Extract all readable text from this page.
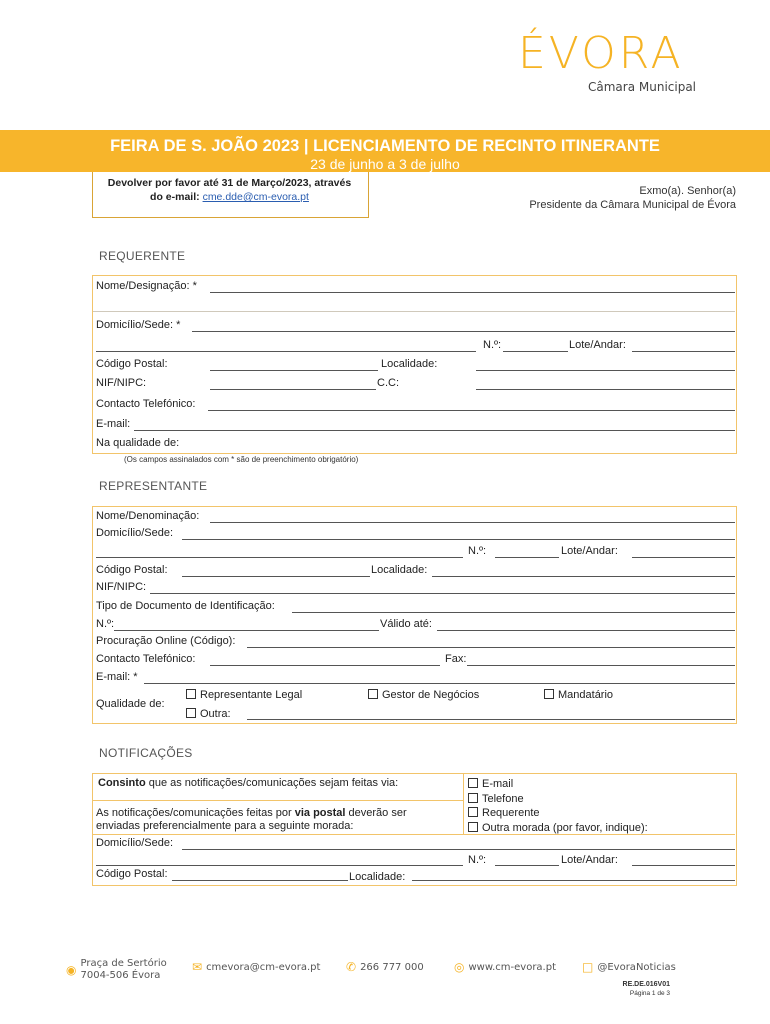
ÉVORA
Câmara Municipal
FEIRA DE S. JOÃO 2023 | LICENCIAMENTO DE RECINTO ITINERANTE
23 de junho a 3 de julho
Devolver por favor até 31 de Março/2023, através
do e-mail: cme.dde@cm-evora.pt	Exmo(a). Senhor(a)
Presidente da Câmara Municipal de Évora
REQUERENTE
Nome/Designação: *
Domicílio/Sede: *
N.º:	Lote/Andar:
Código Postal:	Localidade:
NIF/NIPC:	C.C:
Contacto Telefónico:
E-mail:
Na qualidade de:
(Os campos assinalados com * são de preenchimento obrigatório)
REPRESENTANTE
Nome/Denominação:
Domicílio/Sede:
N.º:	Lote/Andar:
Código Postal:	Localidade:
NIF/NIPC:
Tipo de Documento de Identificação:
N.º:	Válido até:
Procuração Online (Código):
Contacto Telefónico:	Fax:
E-mail: *
Qualidade de:
Representante Legal	Gestor de Negócios	Mandatário
Outra:
NOTIFICAÇÕES
Consinto que as notificações/comunicações sejam feitas via:
As notificações/comunicações feitas por via postal deverão ser
enviadas preferencialmente para a seguinte morada:
E-mail
Telefone
Requerente
Outra morada (por favor, indique):
Domicílio/Sede:
N.º:	Lote/Andar:
Código Postal:	Localidade:
◉ Praça de Sertório
7004-506 Évora
✉ cmevora@cm-evora.pt ✆ 266 777 000	◎ www.cm-evora.pt □ @EvoraNoticias
RE.DE.016V01
Página 1 de 3
